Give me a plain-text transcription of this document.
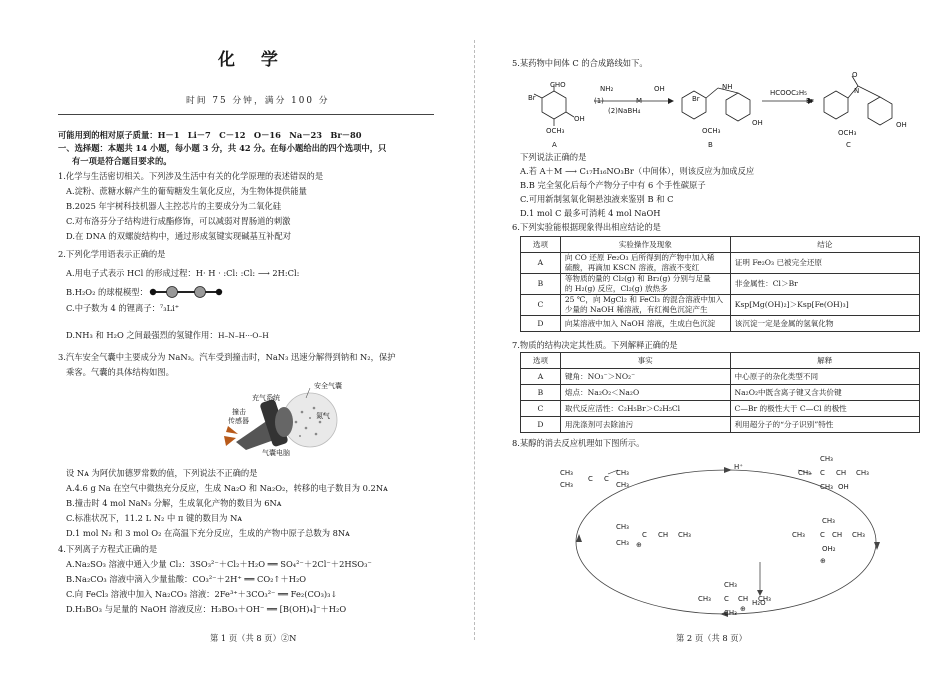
化 学
时间 75 分钟，满分 100 分
可能用到的相对原子质量：H－1　Li－7　C－12　O－16　Na－23　Br－80
一、选择题：本题共 14 小题，每小题 3 分，共 42 分。在每小题给出的四个选项中，只
有一项是符合题目要求的。
1.化学与生活密切相关。下列涉及生活中有关的化学原理的表述错误的是
A.淀粉、蔗糖水解产生的葡萄糖发生氧化反应，为生物体提供能量
B.2025 年宇树科技机器人主控芯片的主要成分为二氧化硅
C.对布洛芬分子结构进行成酯修饰，可以减弱对胃肠道的刺激
D.在 DNA 的双螺旋结构中，通过形成氢键实现碱基互补配对
2.下列化学用语表示正确的是
A.用电子式表示 HCl 的形成过程：H· H · :Cl: :Cl: ⟶ 2H:Cl:
B.H₂O₂ 的球棍模型：
C.中子数为 4 的锂离子：⁷₃Li⁺
D.NH₃ 和 H₂O 之间最强烈的氢键作用： H–N–H···O–H
3.汽车安全气囊中主要成分为 NaN₃。汽车受到撞击时，NaN₃ 迅速分解得到钠和 N₂，保护
乘客。气囊的具体结构如图。
安全气囊
充气系统
撞击
传感器
氮气
气囊电脑
设 Nᴀ 为阿伏加德罗常数的值，下列说法不正确的是
A.4.6 g Na 在空气中微热充分反应，生成 Na₂O 和 Na₂O₂，转移的电子数目为 0.2Nᴀ
B.撞击时 4 mol NaN₃ 分解，生成氧化产物的数目为 6Nᴀ
C.标准状况下，11.2 L N₂ 中 π 键的数目为 Nᴀ
D.1 mol N₂ 和 3 mol O₂ 在高温下充分反应，生成的产物中原子总数为 8Nᴀ
4.下列离子方程式正确的是
A.Na₂SO₃ 溶液中通入少量 Cl₂：3SO₃²⁻＋Cl₂＋H₂O ══ SO₄²⁻＋2Cl⁻＋2HSO₃⁻
B.Na₂CO₃ 溶液中滴入少量盐酸：CO₃²⁻＋2H⁺ ══ CO₂↑＋H₂O
C.向 FeCl₃ 溶液中加入 Na₂CO₃ 溶液：2Fe³⁺＋3CO₃²⁻ ══ Fe₂(CO₃)₃↓
D.H₃BO₃ 与足量的 NaOH 溶液反应：H₃BO₃＋OH⁻ ══ [B(OH)₄]⁻＋H₂O
第 1 页（共 8 页）②N
5.某药物中间体 C 的合成路线如下。
CHO
Br
OH
OCH₃
A
NH₂	OH
(1)	M
(2)NaBH₄
Br
NH
OCH₃
OH
B
HCOOC₂H₅
O
Br
N
OCH₃
OH
C
下列说法正确的是
A.若 A＋M ⟶ C₁₇H₁₆NO₃Br（中间体），则该反应为加成反应
B.B 完全氢化后每个产物分子中有 6 个手性碳原子
C.可用新制氢氧化铜悬浊液来鉴别 B 和 C
D.1 mol C 最多可消耗 4 mol NaOH
6.下列实验能根据现象得出相应结论的是
选项	实验操作及现象	结论
A	向 CO 还原 Fe₂O₃ 后所得到的产物中加入稀
硫酸，再滴加 KSCN 溶液，溶液不变红	证明 Fe₂O₃ 已被完全还原
B	等物质的量的 Cl₂(g) 和 Br₂(g) 分别与足量
的 H₂(g) 反应，Cl₂(g) 放热多	非金属性：Cl＞Br
C	25 ℃，向 MgCl₂ 和 FeCl₃ 的混合溶液中加入
少量的 NaOH 稀溶液，有红褐色沉淀产生	Ksp[Mg(OH)₂]＞Ksp[Fe(OH)₃]
D	向某溶液中加入 NaOH 溶液，生成白色沉淀	该沉淀一定是金属的氢氧化物
7.物质的结构决定其性质。下列解释正确的是
选项	事实	解释
A	键角：NO₃⁻＞NO₂⁻	中心原子的杂化类型不同
B	熔点：Na₂O₂＜Na₂O	Na₂O₂中既含离子键又含共价键
C	取代反应活性：C₂H₅Br＞C₂H₅Cl	C—Br 的极性大于 C—Cl 的极性
D	用洗涤剂可去除油污	利用超分子的“分子识别”特性
8.某醇的消去反应机理如下图所示。
CH₃
C
CH₃
C
CH₃
CH₃
H⁺
CH₃
CH₃ C CH CH₃
CH₃ OH
CH₃
C CH CH₃
CH₃ ⊕
CH₃
CH₃ C CH CH₃
OH₂
⊕
CH₃
CH₃ C CH CH₃
CH₃ ⊕
H₂O
第 2 页（共 8 页）
